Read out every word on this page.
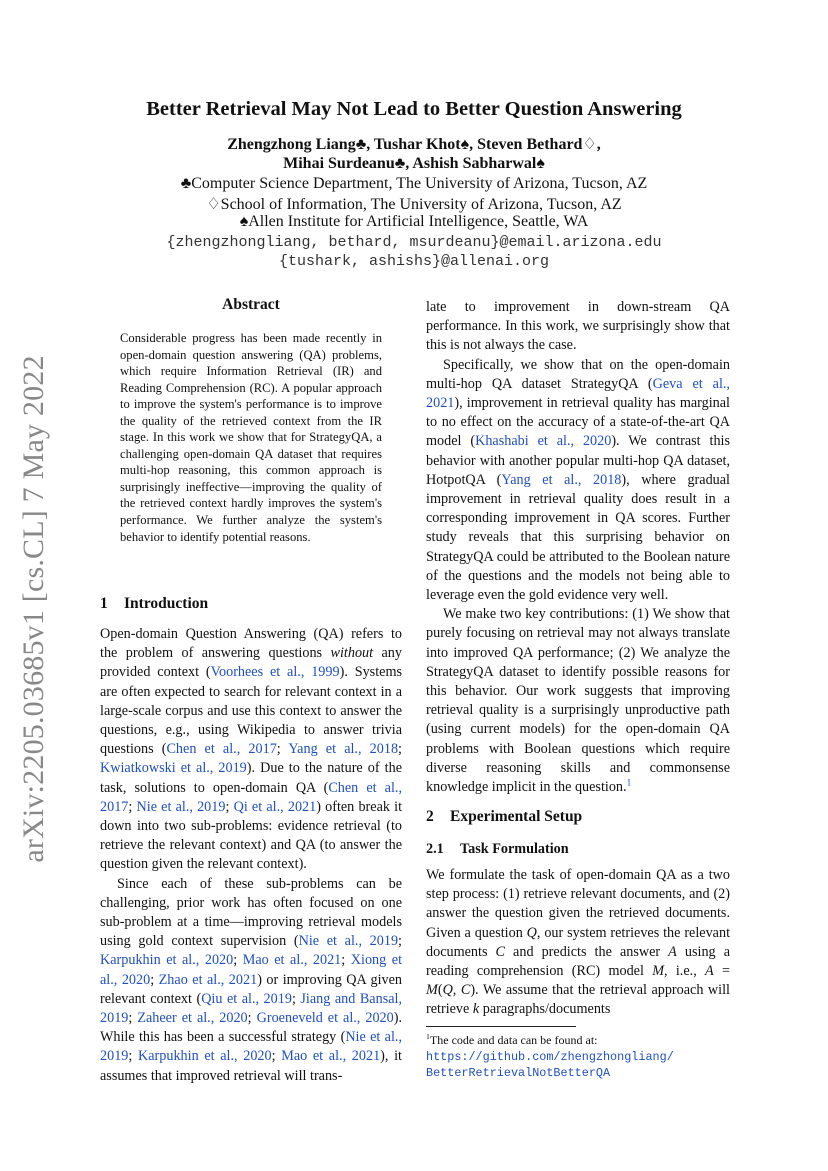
arXiv:2205.03685v1 [cs.CL] 7 May 2022
Better Retrieval May Not Lead to Better Question Answering
Zhengzhong Liang♣, Tushar Khot♠, Steven Bethard♢,
Mihai Surdeanu♣, Ashish Sabharwal♠
♣Computer Science Department, The University of Arizona, Tucson, AZ
♢School of Information, The University of Arizona, Tucson, AZ
♠Allen Institute for Artificial Intelligence, Seattle, WA
{zhengzhongliang, bethard, msurdeanu}@email.arizona.edu
{tushark, ashishs}@allenai.org
Abstract

Considerable progress has been made recently in open-domain question answering (QA) problems, which require Information Retrieval (IR) and Reading Comprehension (RC). A popular approach to improve the system's performance is to improve the quality of the retrieved context from the IR stage. In this work we show that for StrategyQA, a challenging open-domain QA dataset that requires multi-hop reasoning, this common approach is surprisingly ineffective—improving the quality of the retrieved context hardly improves the system's performance. We further analyze the system's behavior to identify potential reasons.

1 Introduction

Open-domain Question Answering (QA) refers to the problem of answering questions without any provided context (Voorhees et al., 1999). Systems are often expected to search for relevant context in a large-scale corpus and use this context to answer the questions, e.g., using Wikipedia to answer trivia questions (Chen et al., 2017; Yang et al., 2018; Kwiatkowski et al., 2019). Due to the nature of the task, solutions to open-domain QA (Chen et al., 2017; Nie et al., 2019; Qi et al., 2021) often break it down into two sub-problems: evidence retrieval (to retrieve the relevant context) and QA (to answer the question given the relevant context).

Since each of these sub-problems can be challenging, prior work has often focused on one sub-problem at a time—improving retrieval models using gold context supervision (Nie et al., 2019; Karpukhin et al., 2020; Mao et al., 2021; Xiong et al., 2020; Zhao et al., 2021) or improving QA given relevant context (Qiu et al., 2019; Jiang and Bansal, 2019; Zaheer et al., 2020; Groeneveld et al., 2020). While this has been a successful strategy (Nie et al., 2019; Karpukhin et al., 2020; Mao et al., 2021), it assumes that improved retrieval will trans-

late to improvement in down-stream QA performance. In this work, we surprisingly show that this is not always the case.

Specifically, we show that on the open-domain multi-hop QA dataset StrategyQA (Geva et al., 2021), improvement in retrieval quality has marginal to no effect on the accuracy of a state-of-the-art QA model (Khashabi et al., 2020). We contrast this behavior with another popular multi-hop QA dataset, HotpotQA (Yang et al., 2018), where gradual improvement in retrieval quality does result in a corresponding improvement in QA scores. Further study reveals that this surprising behavior on StrategyQA could be attributed to the Boolean nature of the questions and the models not being able to leverage even the gold evidence very well.

We make two key contributions: (1) We show that purely focusing on retrieval may not always translate into improved QA performance; (2) We analyze the StrategyQA dataset to identify possible reasons for this behavior. Our work suggests that improving retrieval quality is a surprisingly unproductive path (using current models) for the open-domain QA problems with Boolean questions which require diverse reasoning skills and commonsense knowledge implicit in the question.$^1$

2 Experimental Setup
2.1 Task Formulation

We formulate the task of open-domain QA as a two step process: (1) retrieve relevant documents, and (2) answer the question given the retrieved documents. Given a question Q, our system retrieves the relevant documents C and predicts the answer A using a reading comprehension (RC) model M, i.e., A = M(Q, C). We assume that the retrieval approach will retrieve k paragraphs/documents

$^1$The code and data can be found at:
https://github.com/zhengzhongliang/
BetterRetrievalNotBetterQA
